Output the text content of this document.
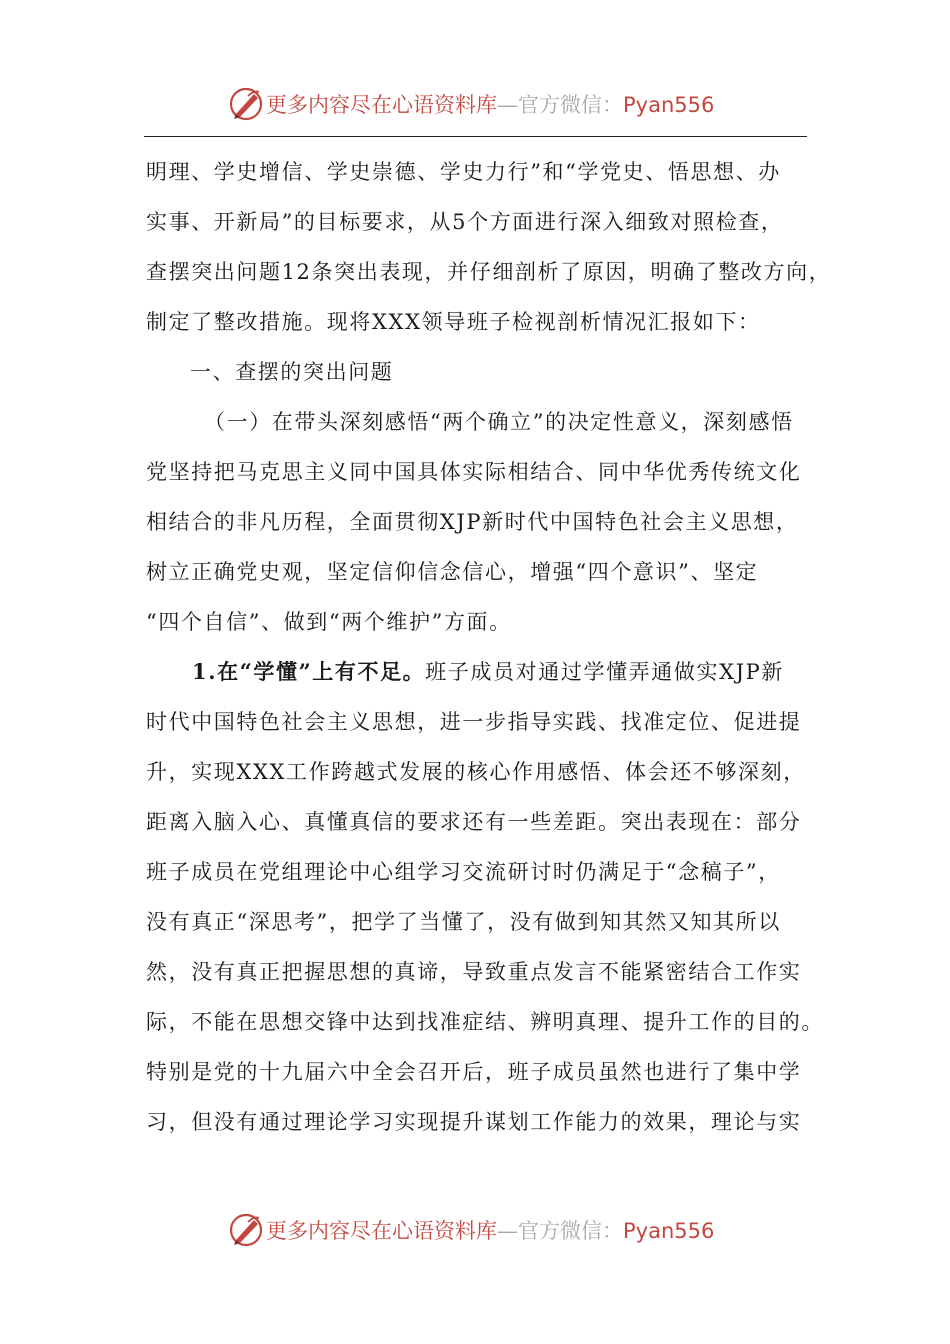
更多内容尽在心语资料库—官方微信：Pyan556
明理、学史增信、学史崇德、学史力行”和“学党史、悟思想、办
实事、开新局”的目标要求，从5个方面进行深入细致对照检查，
查摆突出问题12条突出表现，并仔细剖析了原因，明确了整改方向，
制定了整改措施。现将XXX领导班子检视剖析情况汇报如下：
一、查摆的突出问题
（一）在带头深刻感悟“两个确立”的决定性意义，深刻感悟
党坚持把马克思主义同中国具体实际相结合、同中华优秀传统文化
相结合的非凡历程，全面贯彻XJP新时代中国特色社会主义思想，
树立正确党史观，坚定信仰信念信心，增强“四个意识”、坚定
“四个自信”、做到“两个维护”方面。
1.在“学懂”上有不足。班子成员对通过学懂弄通做实XJP新
时代中国特色社会主义思想，进一步指导实践、找准定位、促进提
升，实现XXX工作跨越式发展的核心作用感悟、体会还不够深刻，
距离入脑入心、真懂真信的要求还有一些差距。突出表现在：部分
班子成员在党组理论中心组学习交流研讨时仍满足于“念稿子”，
没有真正“深思考”，把学了当懂了，没有做到知其然又知其所以
然，没有真正把握思想的真谛，导致重点发言不能紧密结合工作实
际，不能在思想交锋中达到找准症结、辨明真理、提升工作的目的。
特别是党的十九届六中全会召开后，班子成员虽然也进行了集中学
习，但没有通过理论学习实现提升谋划工作能力的效果，理论与实
更多内容尽在心语资料库—官方微信：Pyan556
